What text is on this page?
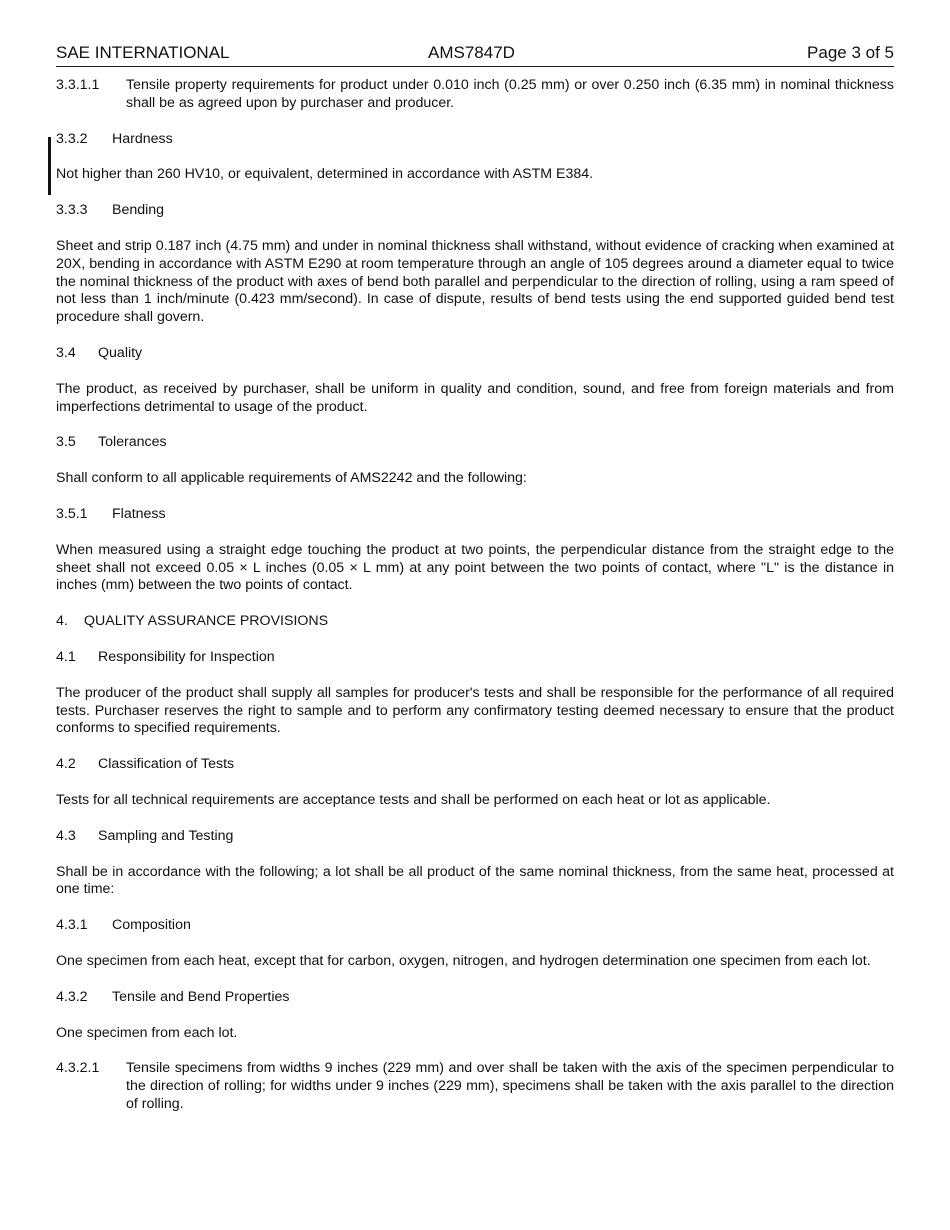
SAE INTERNATIONAL	AMS7847D	Page 3 of 5
3.3.1.1	Tensile property requirements for product under 0.010 inch (0.25 mm) or over 0.250 inch (6.35 mm) in nominal thickness shall be as agreed upon by purchaser and producer.
3.3.2 Hardness
Not higher than 260 HV10, or equivalent, determined in accordance with ASTM E384.
3.3.3 Bending
Sheet and strip 0.187 inch (4.75 mm) and under in nominal thickness shall withstand, without evidence of cracking when examined at 20X, bending in accordance with ASTM E290 at room temperature through an angle of 105 degrees around a diameter equal to twice the nominal thickness of the product with axes of bend both parallel and perpendicular to the direction of rolling, using a ram speed of not less than 1 inch/minute (0.423 mm/second). In case of dispute, results of bend tests using the end supported guided bend test procedure shall govern.
3.4 Quality
The product, as received by purchaser, shall be uniform in quality and condition, sound, and free from foreign materials and from imperfections detrimental to usage of the product.
3.5 Tolerances
Shall conform to all applicable requirements of AMS2242 and the following:
3.5.1 Flatness
When measured using a straight edge touching the product at two points, the perpendicular distance from the straight edge to the sheet shall not exceed 0.05 × L inches (0.05 × L mm) at any point between the two points of contact, where "L" is the distance in inches (mm) between the two points of contact.
4. QUALITY ASSURANCE PROVISIONS
4.1 Responsibility for Inspection
The producer of the product shall supply all samples for producer's tests and shall be responsible for the performance of all required tests. Purchaser reserves the right to sample and to perform any confirmatory testing deemed necessary to ensure that the product conforms to specified requirements.
4.2 Classification of Tests
Tests for all technical requirements are acceptance tests and shall be performed on each heat or lot as applicable.
4.3 Sampling and Testing
Shall be in accordance with the following; a lot shall be all product of the same nominal thickness, from the same heat, processed at one time:
4.3.1 Composition
One specimen from each heat, except that for carbon, oxygen, nitrogen, and hydrogen determination one specimen from each lot.
4.3.2 Tensile and Bend Properties
One specimen from each lot.
4.3.2.1	Tensile specimens from widths 9 inches (229 mm) and over shall be taken with the axis of the specimen perpendicular to the direction of rolling; for widths under 9 inches (229 mm), specimens shall be taken with the axis parallel to the direction of rolling.
